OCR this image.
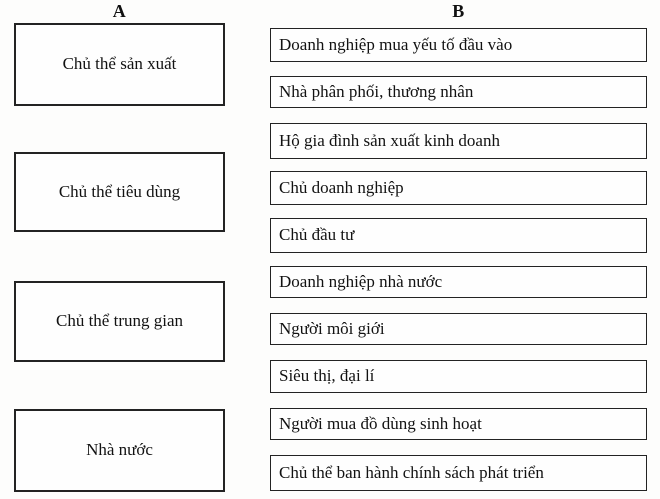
A
Chủ thể sản xuất
Chủ thể tiêu dùng
Chủ thể trung gian
Nhà nước
B
Doanh nghiệp mua yếu tố đầu vào
Nhà phân phối, thương nhân
Hộ gia đình sản xuất kinh doanh
Chủ doanh nghiệp
Chủ đầu tư
Doanh nghiệp nhà nước
Người môi giới
Siêu thị, đại lí
Người mua đồ dùng sinh hoạt
Chủ thể ban hành chính sách phát triển
